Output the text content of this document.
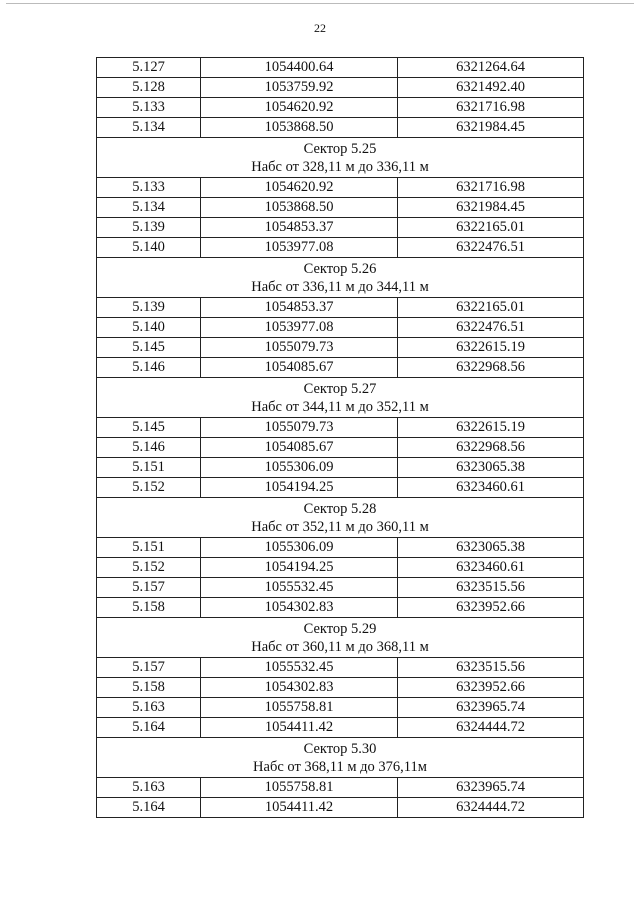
22
5.127	1054400.64	6321264.64
5.128	1053759.92	6321492.40
5.133	1054620.92	6321716.98
5.134	1053868.50	6321984.45

Сектор 5.25
Набс от 328,11 м до 336,11 м		

5.133	1054620.92	6321716.98
5.134	1053868.50	6321984.45
5.139	1054853.37	6322165.01
5.140	1053977.08	6322476.51

Сектор 5.26
Набс от 336,11 м до 344,11 м		

5.139	1054853.37	6322165.01
5.140	1053977.08	6322476.51
5.145	1055079.73	6322615.19
5.146	1054085.67	6322968.56

Сектор 5.27
Набс от 344,11 м до 352,11 м		

5.145	1055079.73	6322615.19
5.146	1054085.67	6322968.56
5.151	1055306.09	6323065.38
5.152	1054194.25	6323460.61

Сектор 5.28
Набс от 352,11 м до 360,11 м		

5.151	1055306.09	6323065.38
5.152	1054194.25	6323460.61
5.157	1055532.45	6323515.56
5.158	1054302.83	6323952.66

Сектор 5.29
Набс от 360,11 м до 368,11 м		

5.157	1055532.45	6323515.56
5.158	1054302.83	6323952.66
5.163	1055758.81	6323965.74
5.164	1054411.42	6324444.72

Сектор 5.30
Набс от 368,11 м до 376,11м		

5.163	1055758.81	6323965.74
5.164	1054411.42	6324444.72
